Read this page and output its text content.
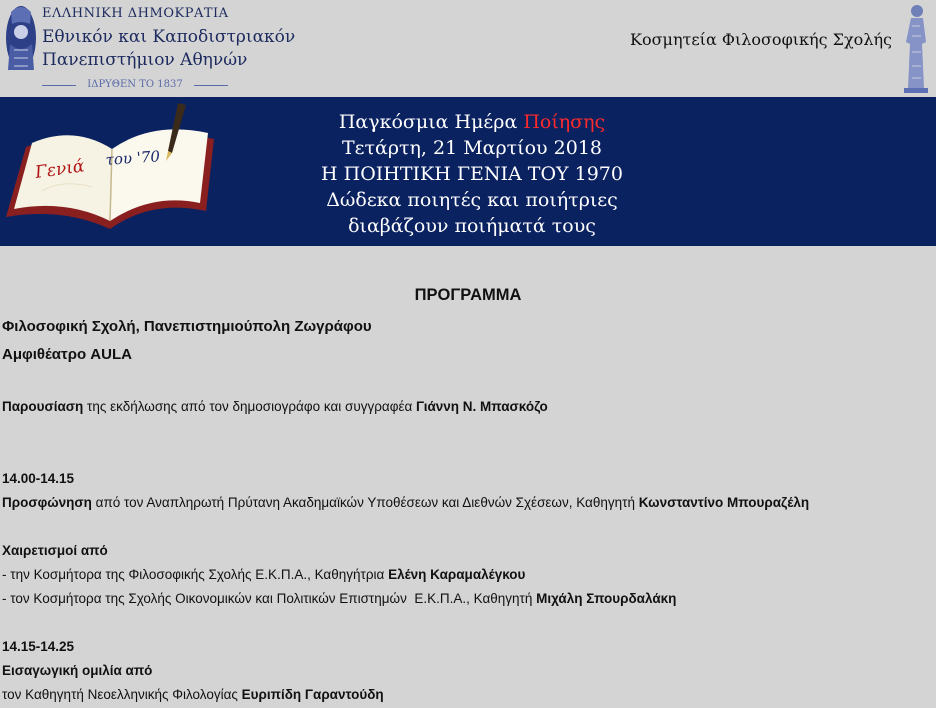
ΕΛΛΗΝΙΚΗ ΔΗΜΟΚΡΑΤΙΑ
Εθνικόν και Καποδιστριακόν
Πανεπιστήμιον Αθηνών
ΙΔΡΥΘΕΝ ΤΟ 1837
Κοσμητεία Φιλοσοφικής Σχολής
Γενιά του '70
Παγκόσμια Ημέρα Ποίησης
Τετάρτη, 21 Μαρτίου 2018
Η ΠΟΙΗΤΙΚΗ ΓΕΝΙΑ ΤΟΥ 1970
Δώδεκα ποιητές και ποιήτριες
διαβάζουν ποιήματά τους
ΠΡΟΓΡΑΜΜΑ
Φιλοσοφική Σχολή, Πανεπιστημιούπολη Ζωγράφου
Αμφιθέατρο AULA
Παρουσίαση της εκδήλωσης από τον δημοσιογράφο και συγγραφέα Γιάννη Ν. Μπασκόζο
14.00-14.15
Προσφώνηση από τον Αναπληρωτή Πρύτανη Ακαδημαϊκών Υποθέσεων και Διεθνών Σχέσεων, Καθηγητή Κωνσταντίνο Μπουραζέλη
Χαιρετισμοί από
- την Κοσμήτορα της Φιλοσοφικής Σχολής Ε.Κ.Π.Α., Καθηγήτρια Ελένη Καραμαλέγκου
- τον Κοσμήτορα της Σχολής Οικονομικών και Πολιτικών Επιστημών  Ε.Κ.Π.Α., Καθηγητή Μιχάλη Σπουρδαλάκη
14.15-14.25
Εισαγωγική ομιλία από
τον Καθηγητή Νεοελληνικής Φιλολογίας Ευριπίδη Γαραντούδη
